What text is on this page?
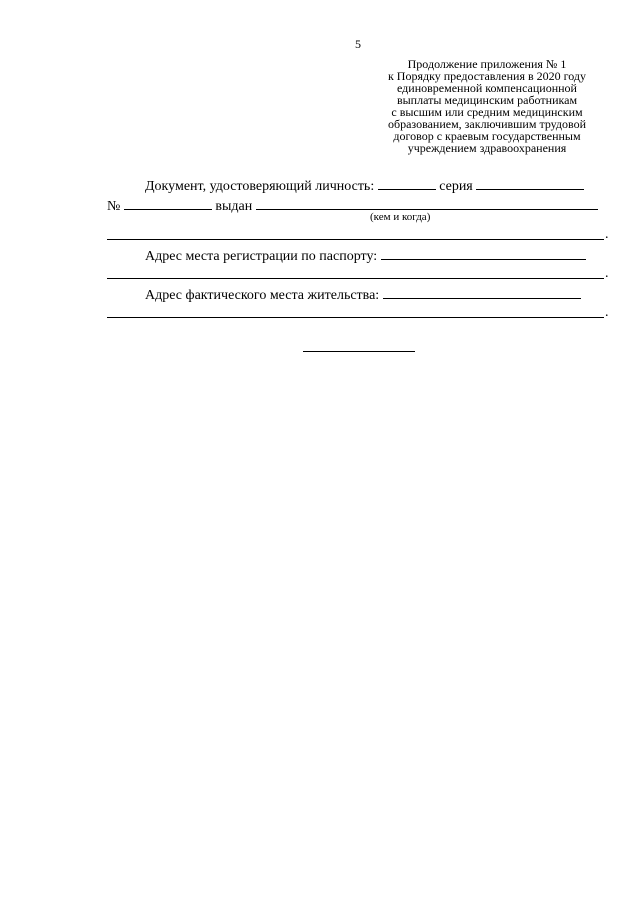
5
Продолжение приложения № 1
к Порядку предоставления в 2020 году
единовременной компенсационной
выплаты медицинским работникам
с высшим или средним медицинским
образованием, заключившим трудовой
договор с краевым государственным
учреждением здравоохранения
Документ, удостоверяющий личность:	серия
№	выдан
(кем и когда)
.
Адрес места регистрации по паспорту:
.
Адрес фактического места жительства:
.
